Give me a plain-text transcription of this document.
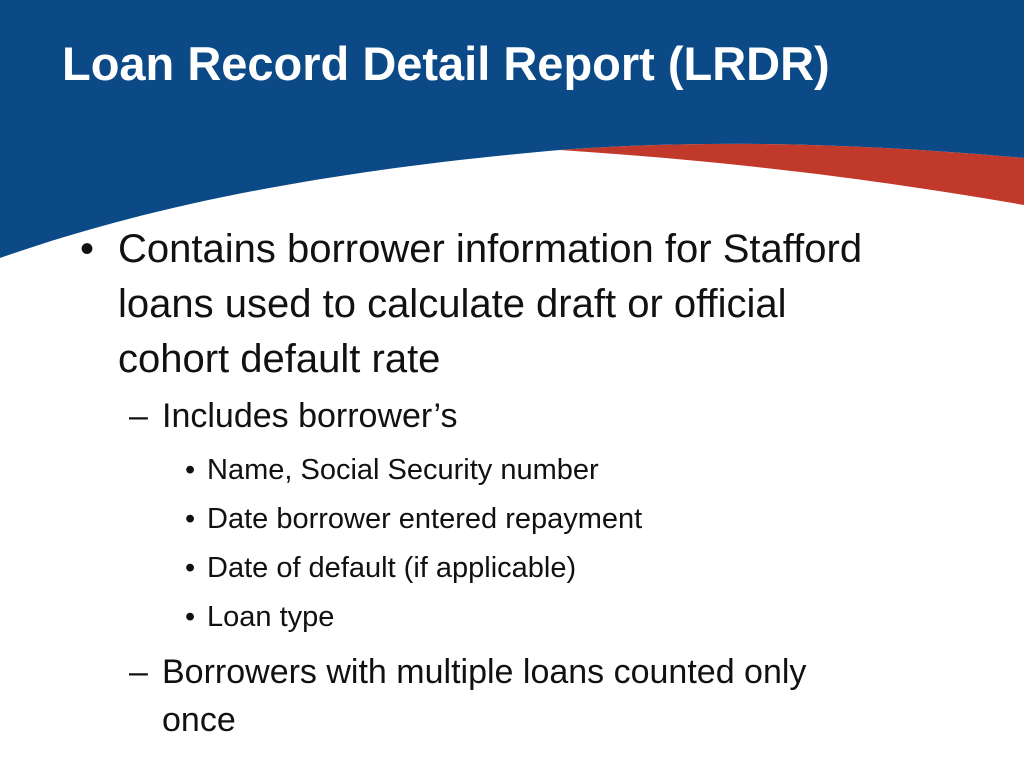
Loan Record Detail Report (LRDR)
• Contains borrower information for Stafford
loans used to calculate draft or official
cohort default rate
– Includes borrower’s
• Name, Social Security number
• Date borrower entered repayment
• Date of default (if applicable)
• Loan type
– Borrowers with multiple loans counted only
once
